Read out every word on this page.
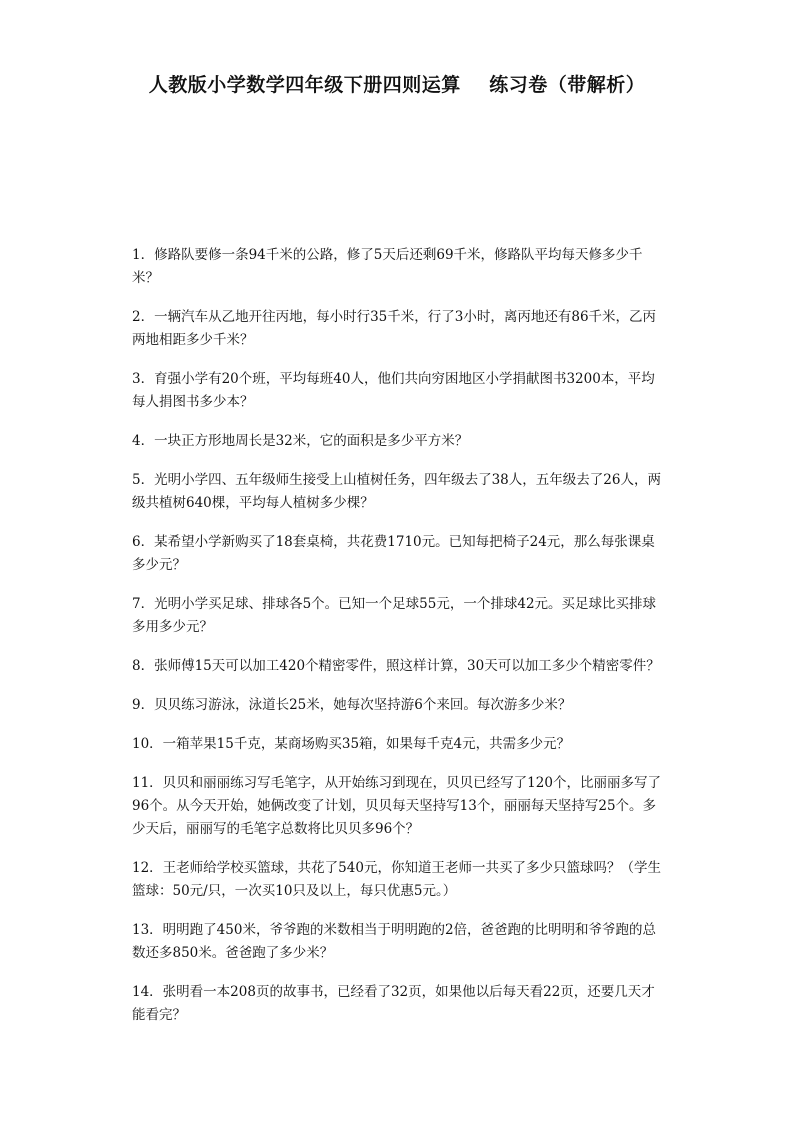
人教版小学数学四年级下册四则运算    练习卷（带解析）

1．修路队要修一条94千米的公路，修了5天后还剩69千米，修路队平均每天修多少千米？

2．一辆汽车从乙地开往丙地，每小时行35千米，行了3小时，离丙地还有86千米，乙丙两地相距多少千米？

3．育强小学有20个班，平均每班40人，他们共向穷困地区小学捐献图书3200本，平均每人捐图书多少本？

4．一块正方形地周长是32米，它的面积是多少平方米？

5．光明小学四、五年级师生接受上山植树任务，四年级去了38人，五年级去了26人，两级共植树640棵，平均每人植树多少棵？

6．某希望小学新购买了18套桌椅，共花费1710元。已知每把椅子24元，那么每张课桌多少元？

7．光明小学买足球、排球各5个。已知一个足球55元，一个排球42元。买足球比买排球多用多少元？

8．张师傅15天可以加工420个精密零件，照这样计算，30天可以加工多少个精密零件？

9．贝贝练习游泳，泳道长25米，她每次坚持游6个来回。每次游多少米？

10．一箱苹果15千克，某商场购买35箱，如果每千克4元，共需多少元？

11．贝贝和丽丽练习写毛笔字，从开始练习到现在，贝贝已经写了120个，比丽丽多写了96个。从今天开始，她俩改变了计划，贝贝每天坚持写13个，丽丽每天坚持写25个。多少天后，丽丽写的毛笔字总数将比贝贝多96个？

12．王老师给学校买篮球，共花了540元，你知道王老师一共买了多少只篮球吗？（学生篮球：50元/只，一次买10只及以上，每只优惠5元。）

13．明明跑了450米，爷爷跑的米数相当于明明跑的2倍，爸爸跑的比明明和爷爷跑的总数还多850米。爸爸跑了多少米？

14．张明看一本208页的故事书，已经看了32页，如果他以后每天看22页，还要几天才能看完？
